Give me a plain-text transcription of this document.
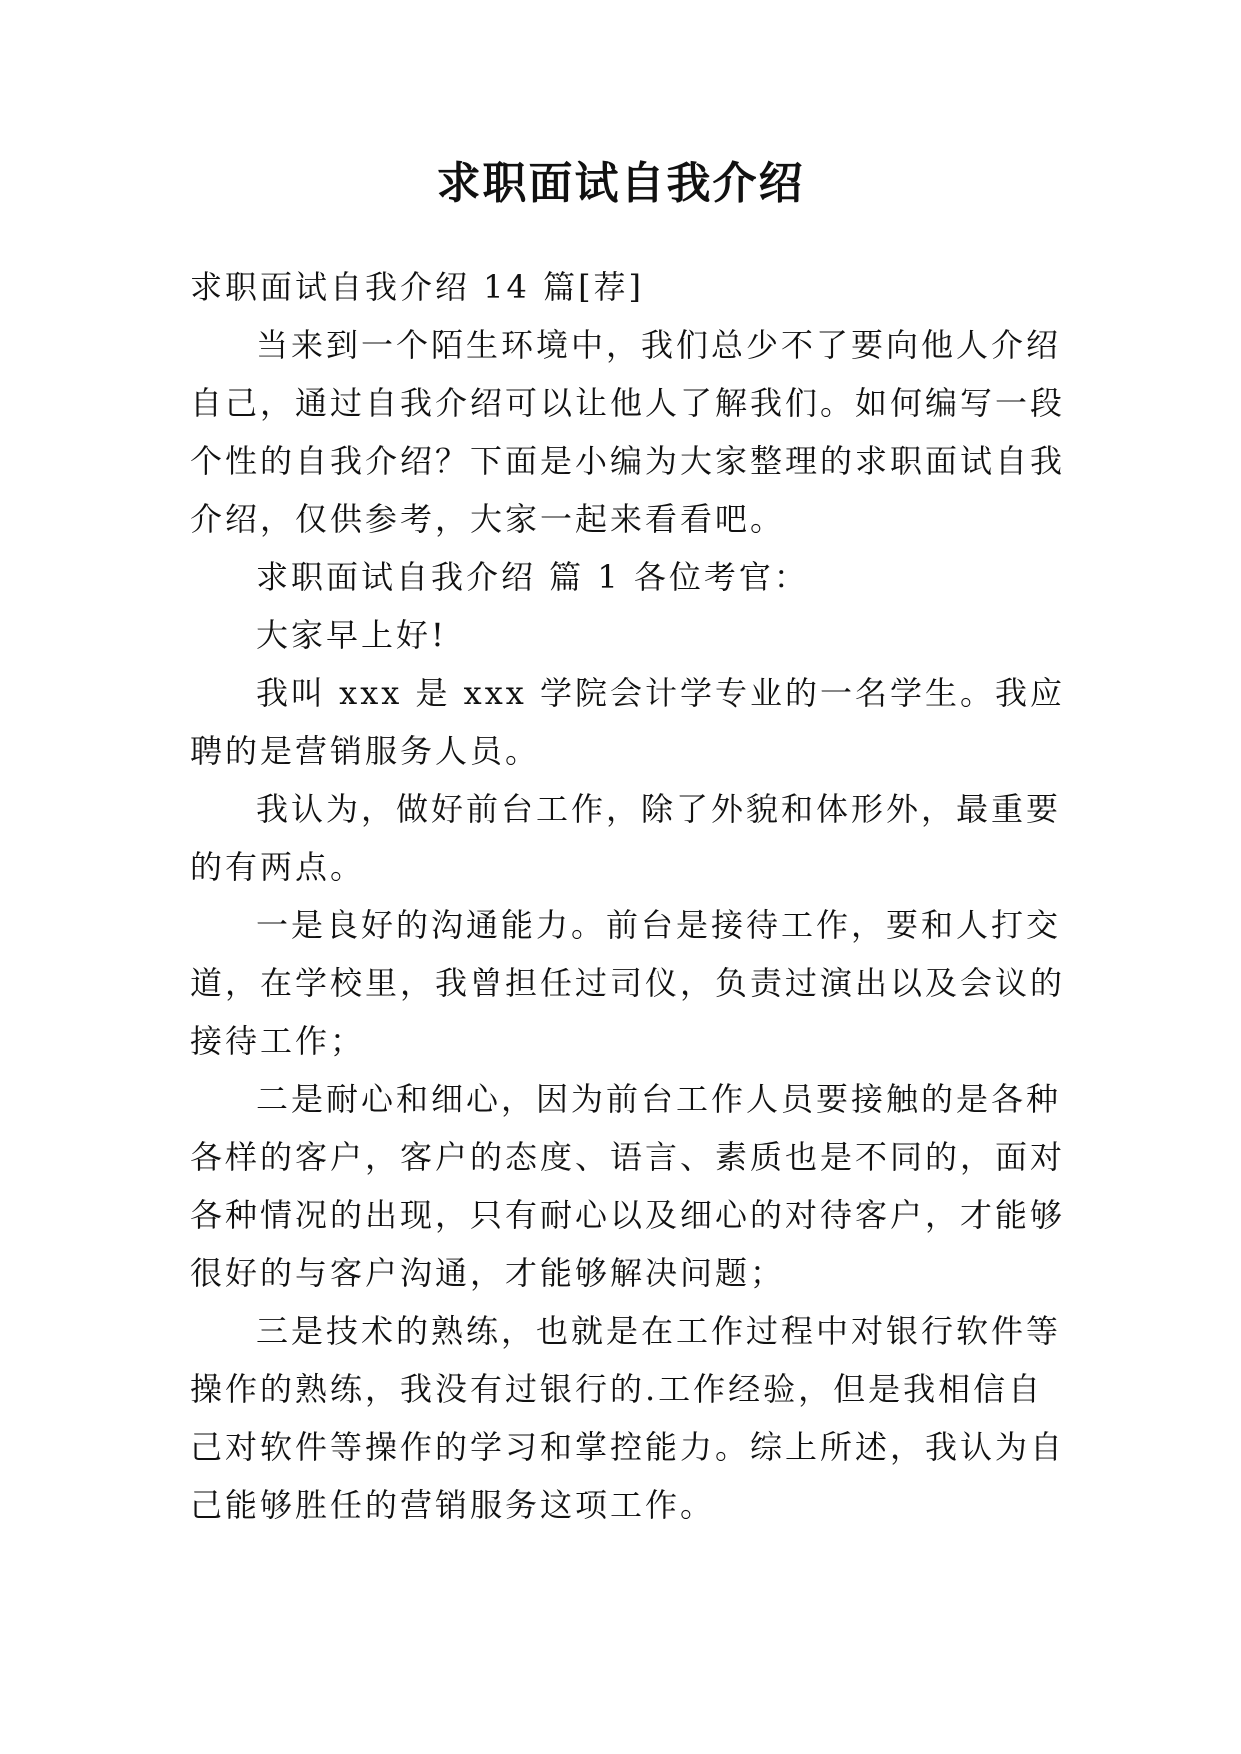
求职面试自我介绍

求职面试自我介绍 14 篇[荐]

当来到一个陌生环境中，我们总少不了要向他人介绍自己，通过自我介绍可以让他人了解我们。如何编写一段个性的自我介绍？下面是小编为大家整理的求职面试自我介绍，仅供参考，大家一起来看看吧。

求职面试自我介绍 篇 1 各位考官：

大家早上好!

我叫 xxx 是 xxx 学院会计学专业的一名学生。我应聘的是营销服务人员。

我认为，做好前台工作，除了外貌和体形外，最重要的有两点。

一是良好的沟通能力。前台是接待工作，要和人打交道，在学校里，我曾担任过司仪，负责过演出以及会议的接待工作；

二是耐心和细心，因为前台工作人员要接触的是各种各样的客户，客户的态度、语言、素质也是不同的，面对各种情况的出现，只有耐心以及细心的对待客户，才能够很好的与客户沟通，才能够解决问题；

三是技术的熟练，也就是在工作过程中对银行软件等操作的熟练，我没有过银行的.工作经验，但是我相信自己对软件等操作的学习和掌控能力。综上所述，我认为自己能够胜任的营销服务这项工作。
